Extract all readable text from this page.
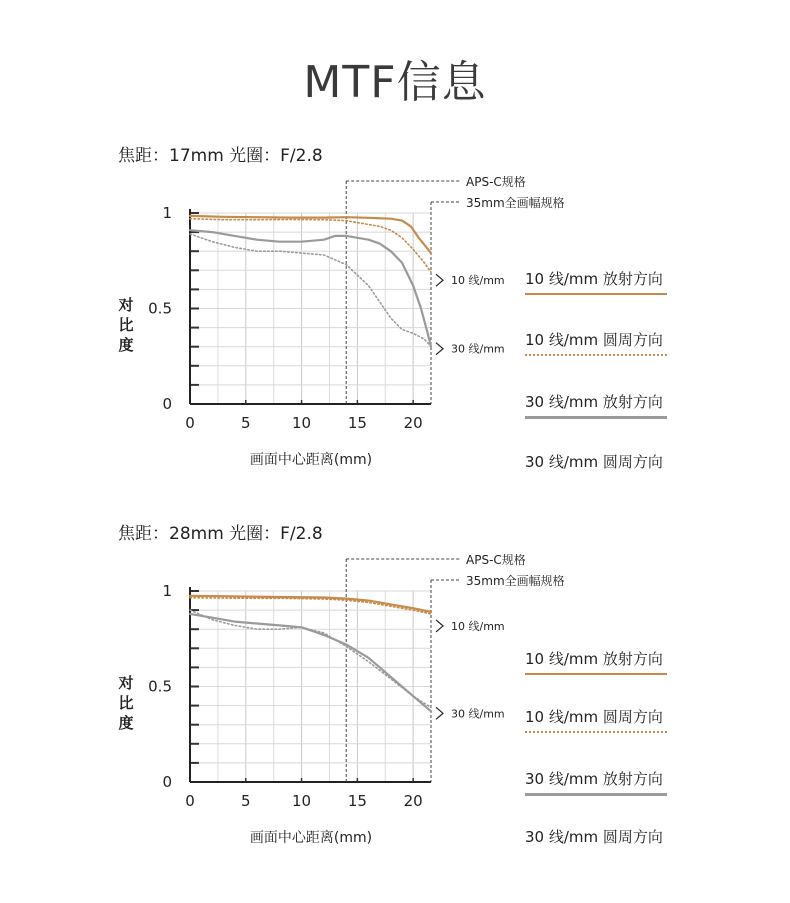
MTF信息
焦距：17mm 光圈：F/2.8
APS-C规格
35mm全画幅规格
10 线/mm
30 线/mm
0
0.5
1
0	5	10 15 20
对
比
度
画面中心距离(mm)
10 线/mm 放射方向
10 线/mm 圆周方向
30 线/mm 放射方向
30 线/mm 圆周方向
焦距：28mm 光圈：F/2.8
APS-C规格
35mm全画幅规格
10 线/mm
30 线/mm
0
0.5
1
0	5	10 15 20
对
比
度
画面中心距离(mm)
10 线/mm 放射方向
10 线/mm 圆周方向
30 线/mm 放射方向
30 线/mm 圆周方向
